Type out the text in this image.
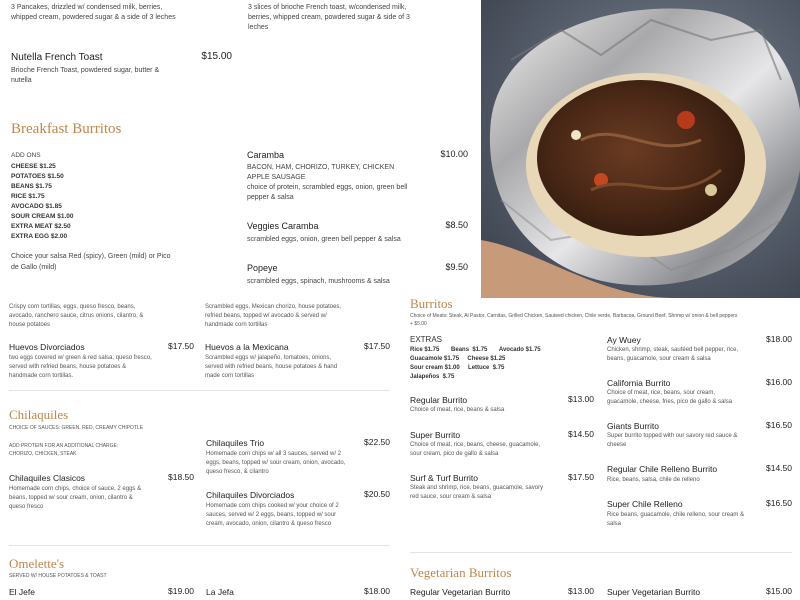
3 Pancakes, drizzled w/ condensed milk, berries, whipped cream, powdered sugar & a side of 3 leches
3 slices of brioche French toast, w/condensed milk, berries, whipped cream, powdered sugar & side of 3 leches
Nutella French Toast	$15.00
Brioche French Toast, powdered sugar, butter & nutella
Breakfast Burritos
ADD ONS
CHEESE $1.25
POTATOES $1.50
BEANS $1.75
RICE $1.75
AVOCADO $1.85
SOUR CREAM $1.00
EXTRA MEAT $2.50
EXTRA EGG $2.00
Choice your salsa Red (spicy), Green (mild) or Pico de Gallo (mild)
Caramba	$10.00
BACON, HAM, CHORIZO, TURKEY, CHICKEN APPLE SAUSAGE
choice of protein, scrambled eggs, onion, green bell pepper & salsa
Veggies Caramba	$8.50
scrambled eggs, onion, green bell pepper & salsa
Popeye	$9.50
scrambled eggs, spinach, mushrooms & salsa
Crispy corn tortillas, eggs, queso fresco, beans, avocado, ranchero sauce, citrus onions, cilantro, & house potatoes
Scrambled eggs, Mexican chorizo, house potatoes, refried beans, topped w/ avocado & served w/ handmade corn tortillas
Huevos Divorciados	$17.50
two eggs covered w/ green & red salsa, queso fresco, served with refried beans, house potatoes & handmade corn tortillas.
Huevos a la Mexicana	$17.50
Scrambled eggs w/ jalapeño, tomatoes, onions, served with refried beans, house potatoes & hand made corn tortillas
Chilaquiles
CHOICE OF SAUCES: GREEN, RED, CREAMY CHIPOTLE
ADD PROTEIN FOR AN ADDITIONAL CHARGE: CHORIZO, CHICKEN, STEAK
Chilaquiles Clasicos	$18.50
Homemade corn chips, choice of sauce, 2 eggs & beans, topped w/ sour cream, onion, cilantro & queso fresco
Chilaquiles Trio	$22.50
Homemade corn chips w/ all 3 sauces, served w/ 2 eggs, beans, topped w/ sour cream, onion, avocado, queso fresco, & cilantro
Chilaquiles Divorciados	$20.50
Homemade corn chips cooked w/ your choice of 2 sauces, served w/ 2 eggs, beans, topped w/ sour cream, avocado, onion, cilantro & queso fresco
Omelette's
SERVED W/ HOUSE POTATOES & TOAST
El Jefe	$19.00 La Jefa	$18.00
Burritos
Choice of Meats: Steak, Al Pastor, Carnitas, Grilled Chicken, Sauteed chicken, Chile verde, Barbacoa, Ground Beef, Shrimp w/ onion & bell peppers + $5.00
EXTRAS
Rice $1.75       Beans  $1.75       Avocado $1.75
Guacamole $1.75     Cheese $1.25
Sour cream $1.00     Lettuce  $.75
Jalapeños  $.75
Regular Burrito	$13.00
Choice of meat, rice, beans & salsa
Super Burrito	$14.50
Choice of meat, rice, beans, cheese, guacamole, sour cream, pico de gallo & salsa
Surf & Turf Burrito	$17.50
Steak and shrimp, rice, beans, guacamole, savory red sauce, sour cream & salsa
Ay Wuey	$18.00
Chicken, shrimp, steak, sautéed bell pepper, rice, beans, guacamole, sour cream & salsa
California Burrito	$16.00
Choice of meat, rice, beans, sour cream, guacamole, cheese, fries, pico de gallo & salsa
Giants Burrito	$16.50
Super burrito topped with our savory red sauce & cheese
Regular Chile Relleno Burrito	$14.50
Rice, beans, salsa, chile de relleno
Super Chile Relleno	$16.50
Rice beans, guacamole, chile relleno, sour cream & salsa
Vegetarian Burritos
Regular Vegetarian Burrito	$13.00 Super Vegetarian Burrito	$15.00
